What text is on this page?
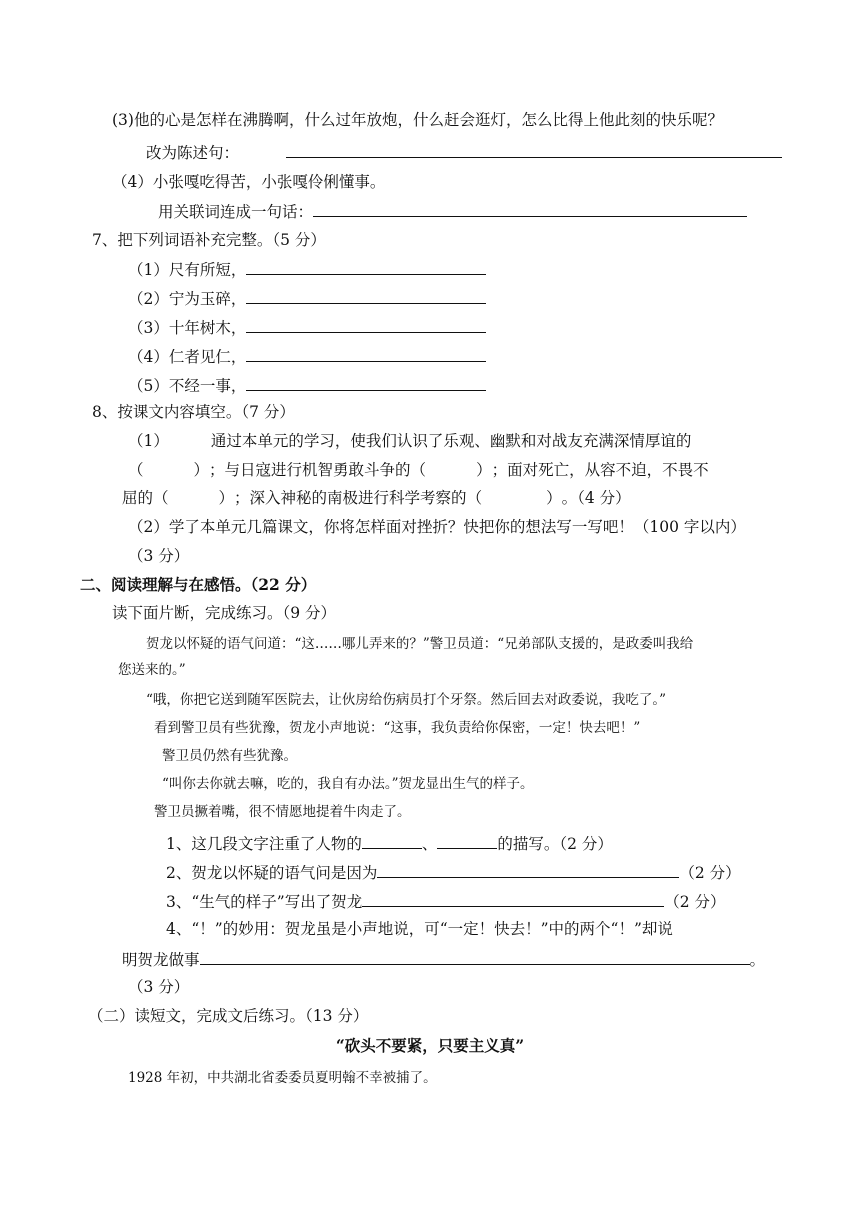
(3)他的心是怎样在沸腾啊，什么过年放炮，什么赶会逛灯，怎么比得上他此刻的快乐呢？
改为陈述句：
（4）小张嘎吃得苦，小张嘎伶俐懂事。
用关联词连成一句话：
7、把下列词语补充完整。（5 分）
（1）尺有所短，
（2）宁为玉碎，
（3）十年树木，
（4）仁者见仁，
（5）不经一事，
8、按课文内容填空。（7 分）
（1）	通过本单元的学习，使我们认识了乐观、幽默和对战友充满深情厚谊的
（	）；与日寇进行机智勇敢斗争的（	）；面对死亡，从容不迫，不畏不
屈的（	）；深入神秘的南极进行科学考察的（	）。（4 分）
（2）学了本单元几篇课文，你将怎样面对挫折？快把你的想法写一写吧！（100 字以内）
（3 分）
二、阅读理解与在感悟。（22 分）
读下面片断，完成练习。（9 分）
贺龙以怀疑的语气问道：“这……哪儿弄来的？”警卫员道：“兄弟部队支援的，是政委叫我给
您送来的。”
“哦，你把它送到随军医院去，让伙房给伤病员打个牙祭。然后回去对政委说，我吃了。”
看到警卫员有些犹豫，贺龙小声地说：“这事，我负责给你保密，一定！快去吧！”
警卫员仍然有些犹豫。
“叫你去你就去嘛，吃的，我自有办法。”贺龙显出生气的样子。
警卫员撅着嘴，很不情愿地提着牛肉走了。
1、这几段文字注重了人物的	、	的描写。（2 分）
2、贺龙以怀疑的语气问是因为	（2 分）
3、“生气的样子”写出了贺龙	（2 分）
4、“！”的妙用：贺龙虽是小声地说，可“一定！快去！”中的两个“！”却说
明贺龙做事	。
（3 分）
（二）读短文，完成文后练习。（13 分）
“砍头不要紧，只要主义真”
1928 年初，中共湖北省委委员夏明翰不幸被捕了。
